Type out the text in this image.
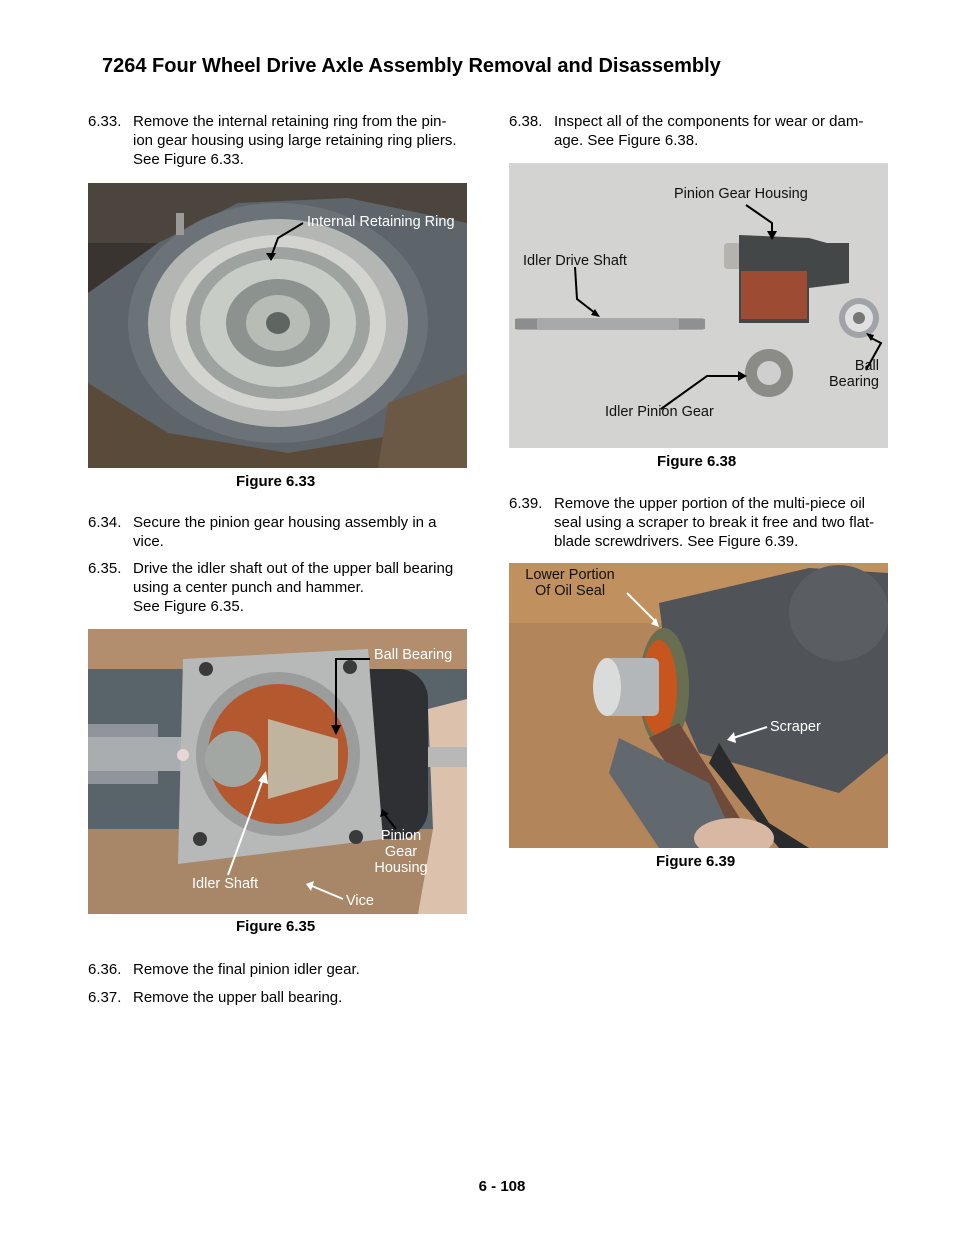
7264 Four Wheel Drive Axle Assembly Removal and Disassembly
6.33. Remove the internal retaining ring from the pin-
ion gear housing using large retaining ring pliers.
See Figure 6.33.
Internal Retaining Ring
Figure 6.33
6.34. Secure the pinion gear housing assembly in a
vice.
6.35. Drive the idler shaft out of the upper ball bearing
using a center punch and hammer.
See Figure 6.35.
Ball Bearing
Pinion
Gear
Housing
Idler Shaft
Vice
Figure 6.35
6.36. Remove the final pinion idler gear.
6.37. Remove the upper ball bearing.
6.38. Inspect all of the components for wear or dam-
age. See Figure 6.38.
Pinion Gear Housing
Idler Drive Shaft
Ball
Bearing
Idler Pinion Gear
Figure 6.38
6.39. Remove the upper portion of the multi-piece oil
seal using a scraper to break it free and two flat-
blade screwdrivers. See Figure 6.39.
Lower Portion
Of Oil Seal
Scraper
Figure 6.39
6 - 108
